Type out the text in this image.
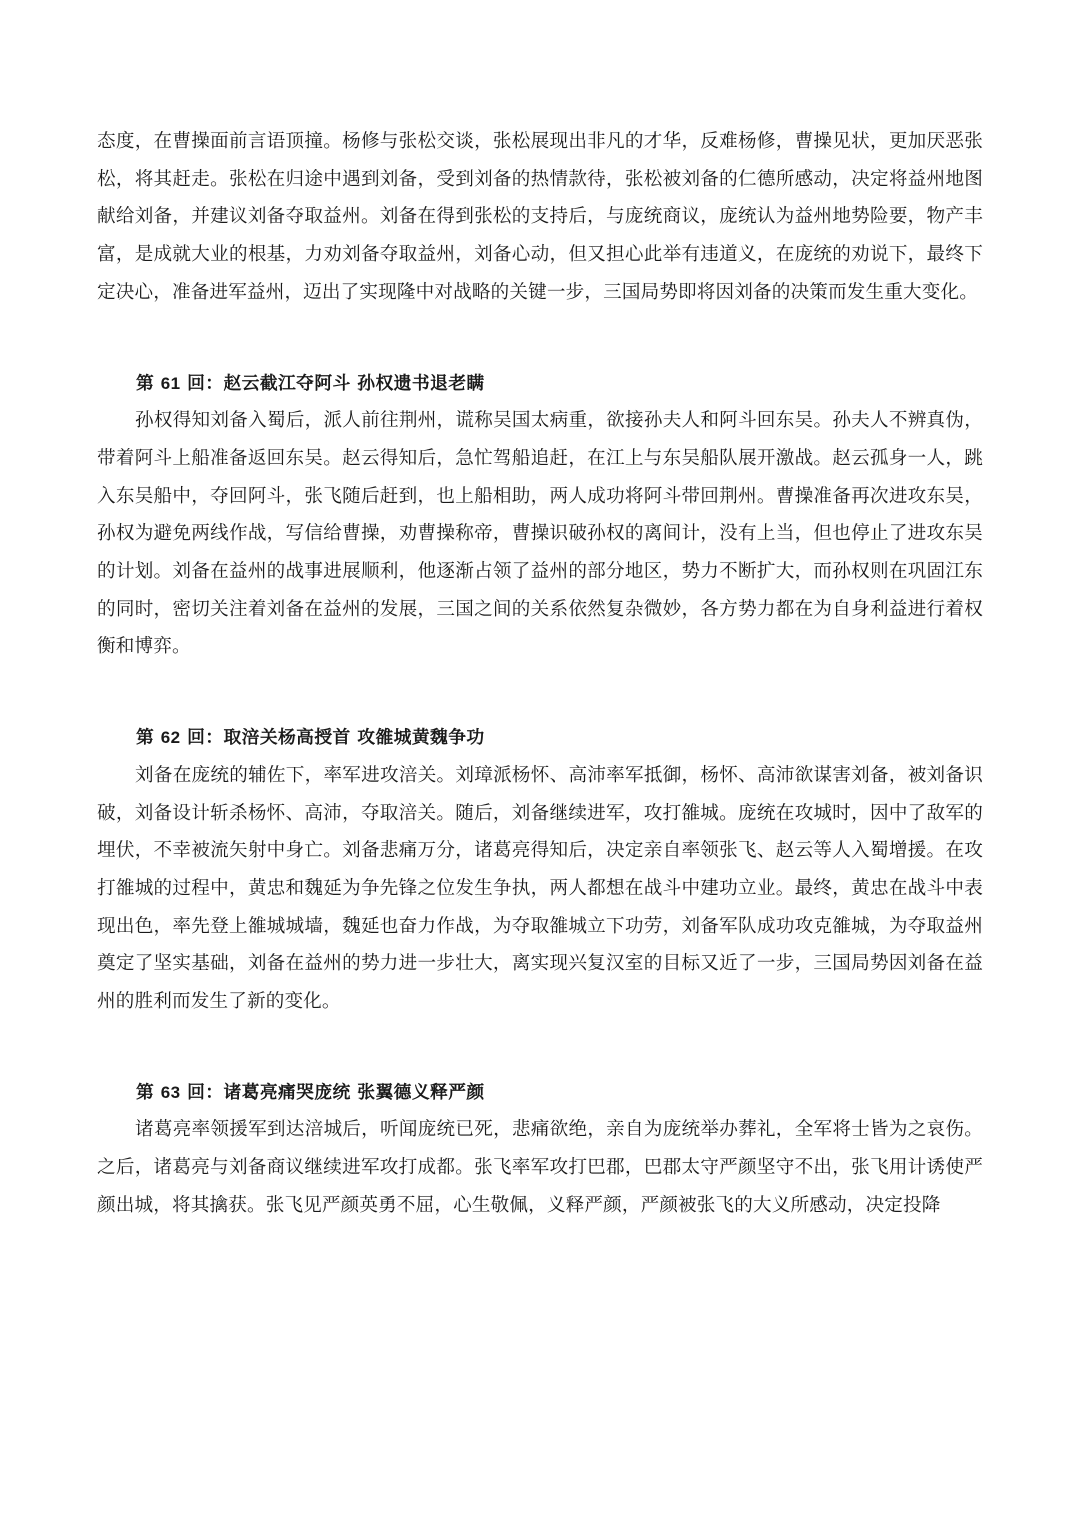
态度，在曹操面前言语顶撞。杨修与张松交谈，张松展现出非凡的才华，反难杨修，曹操见状，更加厌恶张松，将其赶走。张松在归途中遇到刘备，受到刘备的热情款待，张松被刘备的仁德所感动，决定将益州地图献给刘备，并建议刘备夺取益州。刘备在得到张松的支持后，与庞统商议，庞统认为益州地势险要，物产丰富，是成就大业的根基，力劝刘备夺取益州，刘备心动，但又担心此举有违道义，在庞统的劝说下，最终下定决心，准备进军益州，迈出了实现隆中对战略的关键一步，三国局势即将因刘备的决策而发生重大变化。

第 61 回：赵云截江夺阿斗 孙权遗书退老瞒

孙权得知刘备入蜀后，派人前往荆州，谎称吴国太病重，欲接孙夫人和阿斗回东吴。孙夫人不辨真伪，带着阿斗上船准备返回东吴。赵云得知后，急忙驾船追赶，在江上与东吴船队展开激战。赵云孤身一人，跳入东吴船中，夺回阿斗，张飞随后赶到，也上船相助，两人成功将阿斗带回荆州。曹操准备再次进攻东吴，孙权为避免两线作战，写信给曹操，劝曹操称帝，曹操识破孙权的离间计，没有上当，但也停止了进攻东吴的计划。刘备在益州的战事进展顺利，他逐渐占领了益州的部分地区，势力不断扩大，而孙权则在巩固江东的同时，密切关注着刘备在益州的发展，三国之间的关系依然复杂微妙，各方势力都在为自身利益进行着权衡和博弈。

第 62 回：取涪关杨高授首 攻雒城黄魏争功

刘备在庞统的辅佐下，率军进攻涪关。刘璋派杨怀、高沛率军抵御，杨怀、高沛欲谋害刘备，被刘备识破，刘备设计斩杀杨怀、高沛，夺取涪关。随后，刘备继续进军，攻打雒城。庞统在攻城时，因中了敌军的埋伏，不幸被流矢射中身亡。刘备悲痛万分，诸葛亮得知后，决定亲自率领张飞、赵云等人入蜀增援。在攻打雒城的过程中，黄忠和魏延为争先锋之位发生争执，两人都想在战斗中建功立业。最终，黄忠在战斗中表现出色，率先登上雒城城墙，魏延也奋力作战，为夺取雒城立下功劳，刘备军队成功攻克雒城，为夺取益州奠定了坚实基础，刘备在益州的势力进一步壮大，离实现兴复汉室的目标又近了一步，三国局势因刘备在益州的胜利而发生了新的变化。

第 63 回：诸葛亮痛哭庞统 张翼德义释严颜

诸葛亮率领援军到达涪城后，听闻庞统已死，悲痛欲绝，亲自为庞统举办葬礼，全军将士皆为之哀伤。之后，诸葛亮与刘备商议继续进军攻打成都。张飞率军攻打巴郡，巴郡太守严颜坚守不出，张飞用计诱使严颜出城，将其擒获。张飞见严颜英勇不屈，心生敬佩，义释严颜，严颜被张飞的大义所感动，决定投降
